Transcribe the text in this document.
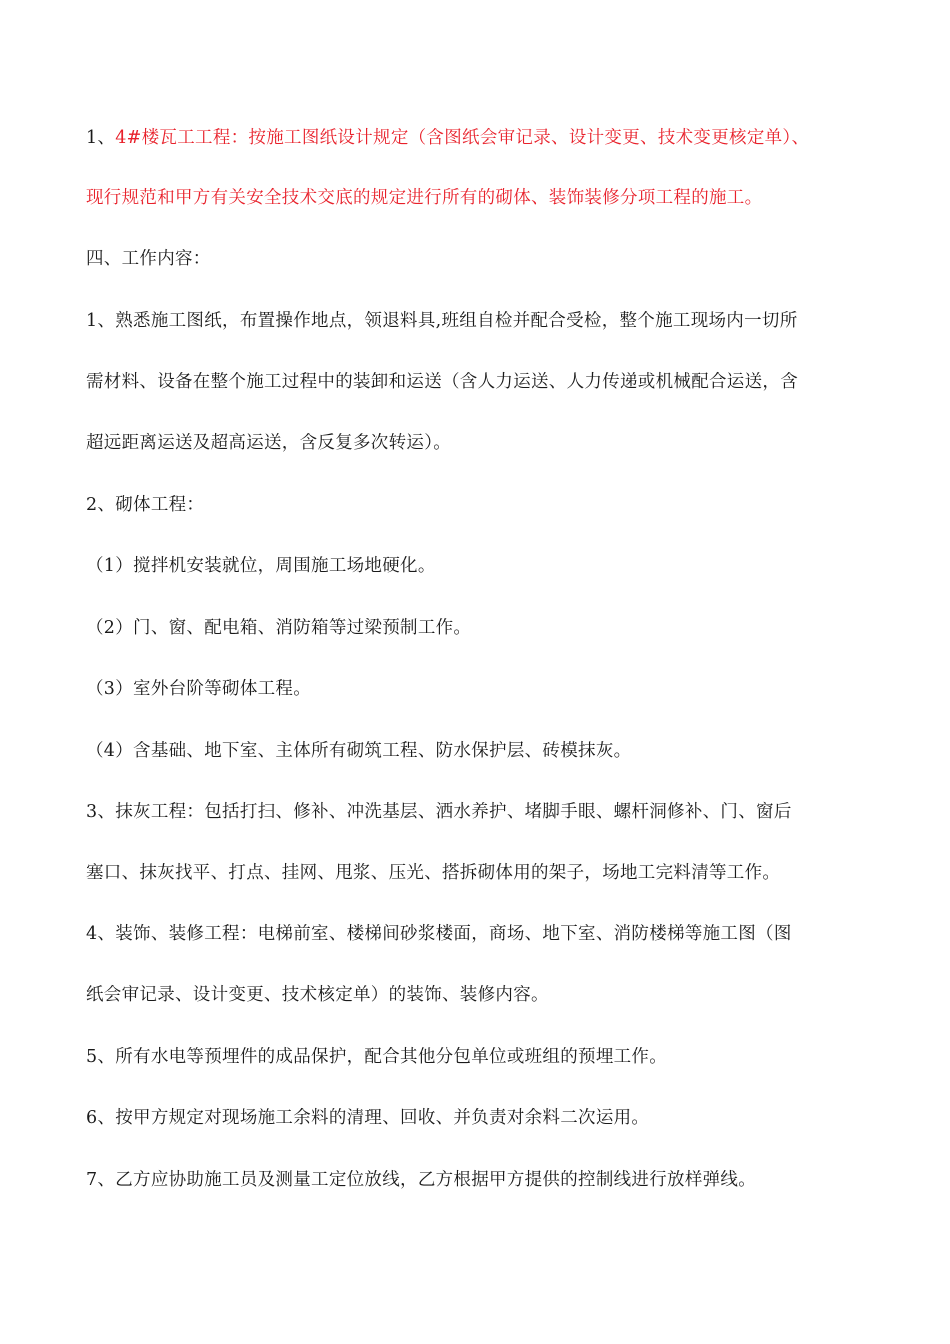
1、4#楼瓦工工程：按施工图纸设计规定（含图纸会审记录、设计变更、技术变更核定单）、
现行规范和甲方有关安全技术交底的规定进行所有的砌体、装饰装修分项工程的施工。
四、工作内容：
1、熟悉施工图纸，布置操作地点，领退料具,班组自检并配合受检，整个施工现场内一切所
需材料、设备在整个施工过程中的装卸和运送（含人力运送、人力传递或机械配合运送，含
超远距离运送及超高运送，含反复多次转运）。
2、砌体工程：
（1）搅拌机安装就位，周围施工场地硬化。
（2）门、窗、配电箱、消防箱等过梁预制工作。
（3）室外台阶等砌体工程。
（4）含基础、地下室、主体所有砌筑工程、防水保护层、砖模抹灰。
3、抹灰工程：包括打扫、修补、冲洗基层、洒水养护、堵脚手眼、螺杆洞修补、门、窗后
塞口、抹灰找平、打点、挂网、甩浆、压光、搭拆砌体用的架子，场地工完料清等工作。
4、装饰、装修工程：电梯前室、楼梯间砂浆楼面，商场、地下室、消防楼梯等施工图（图
纸会审记录、设计变更、技术核定单）的装饰、装修内容。
5、所有水电等预埋件的成品保护，配合其他分包单位或班组的预埋工作。
6、按甲方规定对现场施工余料的清理、回收、并负责对余料二次运用。
7、乙方应协助施工员及测量工定位放线，乙方根据甲方提供的控制线进行放样弹线。
